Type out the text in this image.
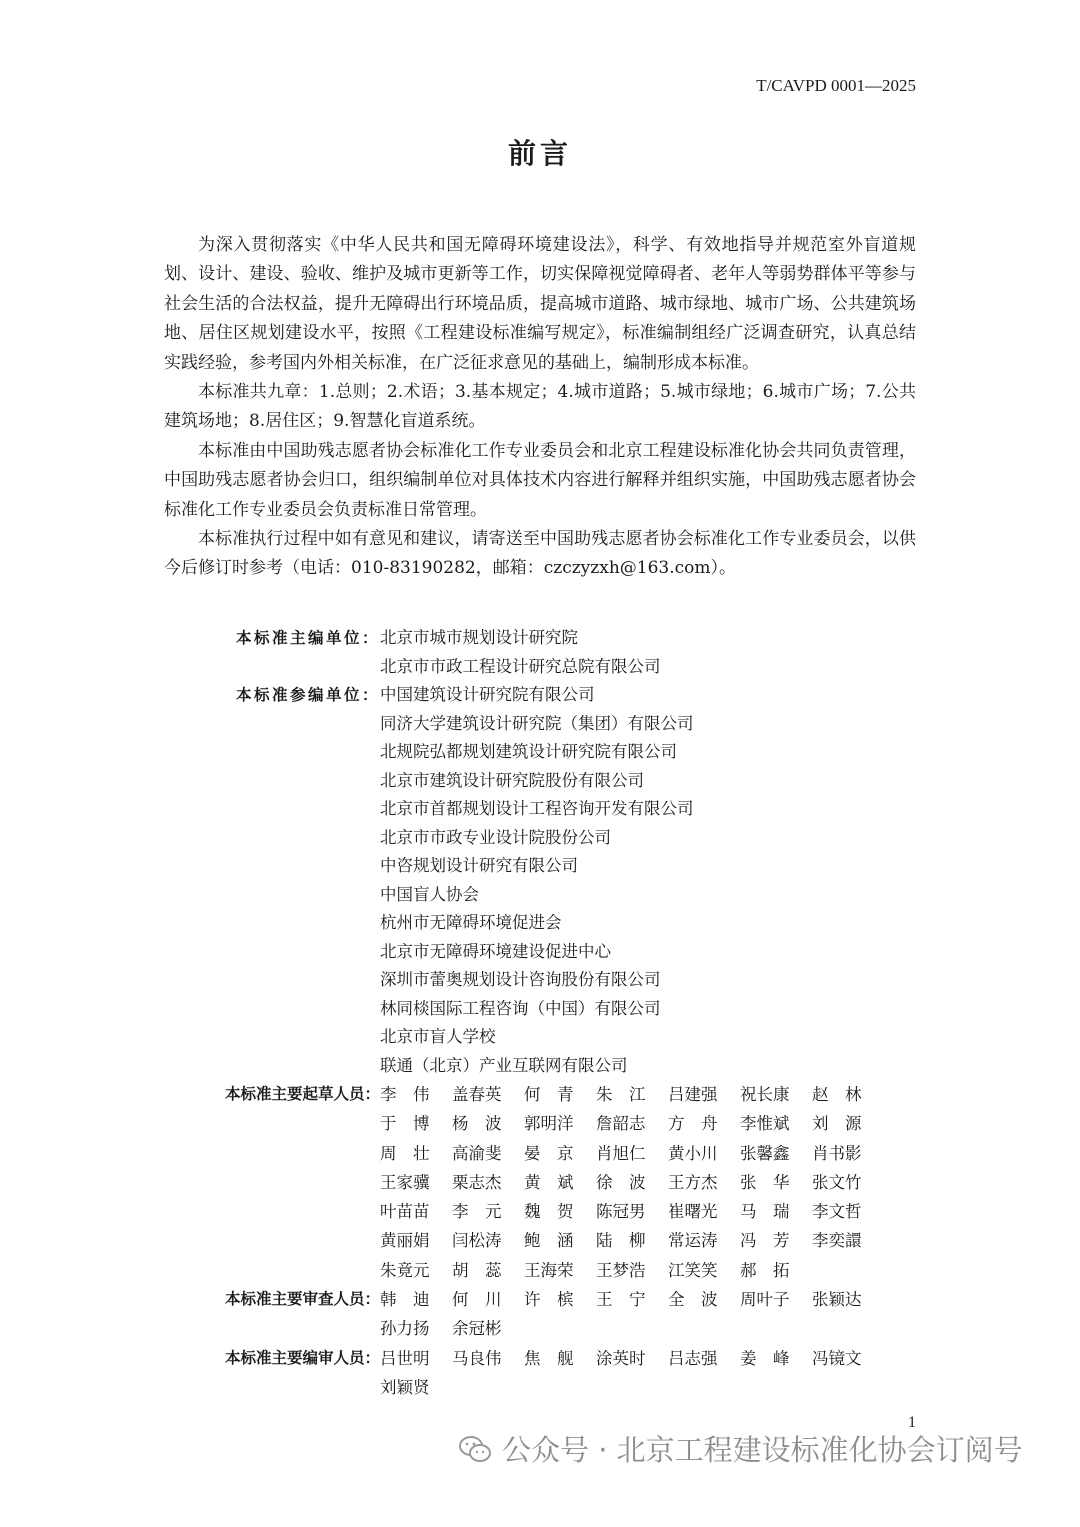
T/CAVPD 0001—2025
前言

为深入贯彻落实《中华人民共和国无障碍环境建设法》，科学、有效地指导并规范室外盲道规划、设计、建设、验收、维护及城市更新等工作，切实保障视觉障碍者、老年人等弱势群体平等参与社会生活的合法权益，提升无障碍出行环境品质，提高城市道路、城市绿地、城市广场、公共建筑场地、居住区规划建设水平，按照《工程建设标准编写规定》，标准编制组经广泛调查研究，认真总结实践经验，参考国内外相关标准，在广泛征求意见的基础上，编制形成本标准。

本标准共九章：1.总则；2.术语；3.基本规定；4.城市道路；5.城市绿地；6.城市广场；7.公共建筑场地；8.居住区；9.智慧化盲道系统。

本标准由中国助残志愿者协会标准化工作专业委员会和北京工程建设标准化协会共同负责管理，中国助残志愿者协会归口，组织编制单位对具体技术内容进行解释并组织实施，中国助残志愿者协会标准化工作专业委员会负责标准日常管理。

本标准执行过程中如有意见和建议，请寄送至中国助残志愿者协会标准化工作专业委员会，以供今后修订时参考（电话：010-83190282，邮箱：czczyzxh@163.com）。

本标准主编单位： 北京市城市规划设计研究院
北京市市政工程设计研究总院有限公司
本标准参编单位： 中国建筑设计研究院有限公司
同济大学建筑设计研究院（集团）有限公司
北规院弘都规划建筑设计研究院有限公司
北京市建筑设计研究院股份有限公司
北京市首都规划设计工程咨询开发有限公司
北京市市政专业设计院股份公司
中咨规划设计研究有限公司
中国盲人协会
杭州市无障碍环境促进会
北京市无障碍环境建设促进中心
深圳市蕾奥规划设计咨询股份有限公司
林同棪国际工程咨询（中国）有限公司
北京市盲人学校
联通（北京）产业互联网有限公司
本标准主要起草人员： 李　伟	盖春英	何　青	朱　江	吕建强	祝长康	赵　林
于　博	杨　波	郭明洋	詹韶志	方　舟	李惟斌	刘　源
周　壮	高渝斐	晏　京	肖旭仁	黄小川	张馨鑫	肖书影
王家骥	栗志杰	黄　斌	徐　波	王方杰	张　华	张文竹
叶苗苗	李　元	魏　贺	陈冠男	崔曙光	马　瑞	李文哲
黄丽娟	闫松涛	鲍　涵	陆　柳	常运涛	冯　芳	李奕譞
朱竟元	胡　蕊	王海荣	王梦浩	江笑笑	郝　拓
本标准主要审查人员： 韩　迪	何　川	许　槟	王　宁	全　波	周叶子	张颖达
孙力扬	余冠彬
本标准主要编审人员： 吕世明	马良伟	焦　舰	涂英时	吕志强	姜　峰	冯镜文
刘颖贤
1
公众号 · 北京工程建设标准化协会订阅号
